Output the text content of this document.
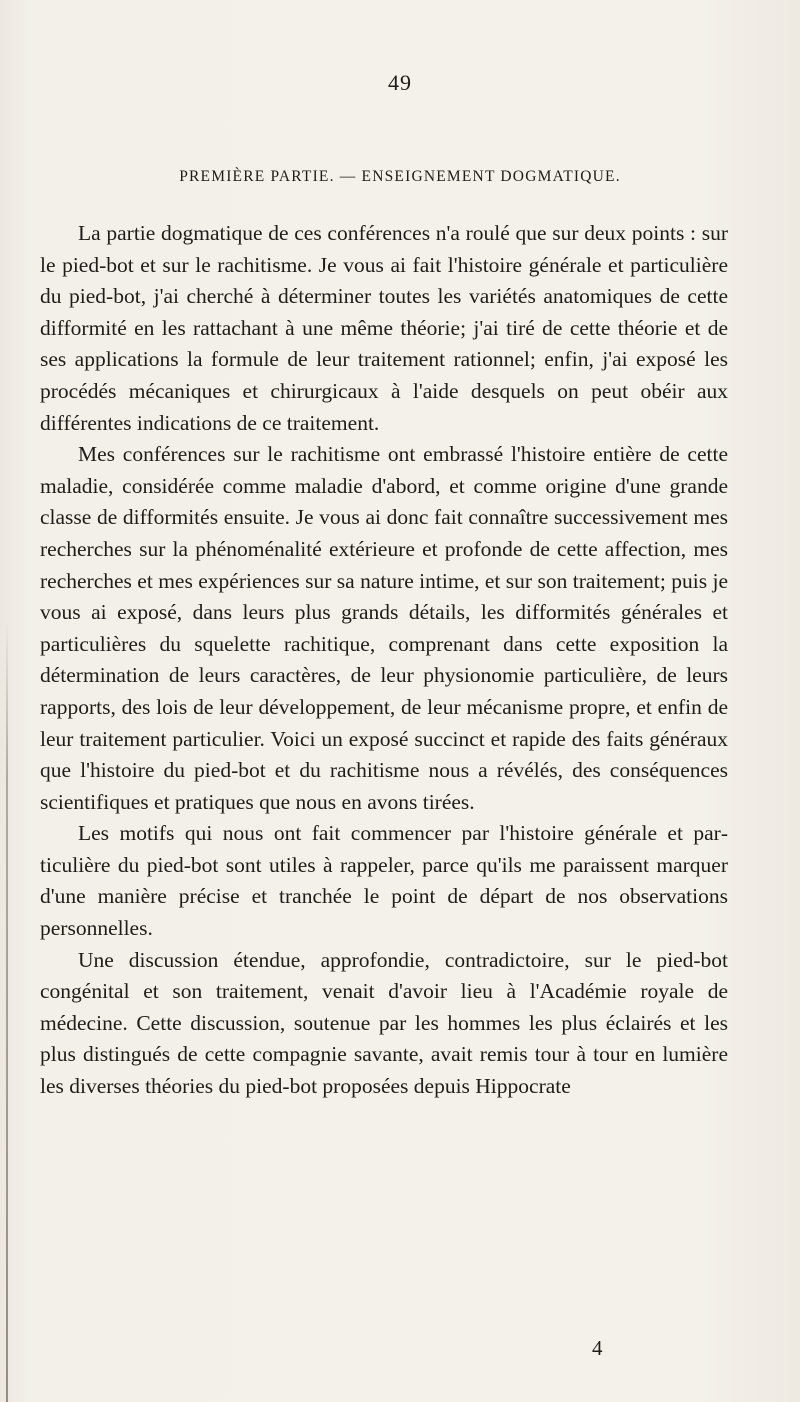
49
PREMIÈRE PARTIE. — ENSEIGNEMENT DOGMATIQUE.

La partie dogmatique de ces conférences n'a roulé que sur deux points : sur le pied-bot et sur le rachitisme. Je vous ai fait l'histoire générale et particulière du pied-bot, j'ai cherché à déterminer toutes les variétés anatomiques de cette difformité en les rattachant à une même théorie; j'ai tiré de cette théorie et de ses applications la formule de leur traitement rationnel; enfin, j'ai exposé les procédés mécaniques et chirurgicaux à l'aide desquels on peut obéir aux différentes indications de ce traitement.

Mes conférences sur le rachitisme ont embrassé l'histoire entière de cette maladie, considérée comme maladie d'abord, et comme origine d'une grande classe de difformités ensuite. Je vous ai donc fait connaître successivement mes recherches sur la phénoménalité extérieure et profonde de cette affection, mes recherches et mes expériences sur sa nature intime, et sur son traitement; puis je vous ai exposé, dans leurs plus grands détails, les difformités générales et particulières du squelette rachitique, comprenant dans cette exposition la détermination de leurs caractères, de leur physionomie particulière, de leurs rapports, des lois de leur développement, de leur mécanisme propre, et enfin de leur traitement particulier. Voici un exposé succinct et rapide des faits généraux que l'histoire du pied-bot et du rachitisme nous a révélés, des conséquences scientifiques et pratiques que nous en avons tirées.

Les motifs qui nous ont fait commencer par l'histoire générale et particulière du pied-bot sont utiles à rappeler, parce qu'ils me paraissent marquer d'une manière précise et tranchée le point de départ de nos observations personnelles.

Une discussion étendue, approfondie, contradictoire, sur le pied-bot congénital et son traitement, venait d'avoir lieu à l'Académie royale de médecine. Cette discussion, soutenue par les hommes les plus éclairés et les plus distingués de cette compagnie savante, avait remis tour à tour en lumière les diverses théories du pied-bot proposées depuis Hippocrate

4
